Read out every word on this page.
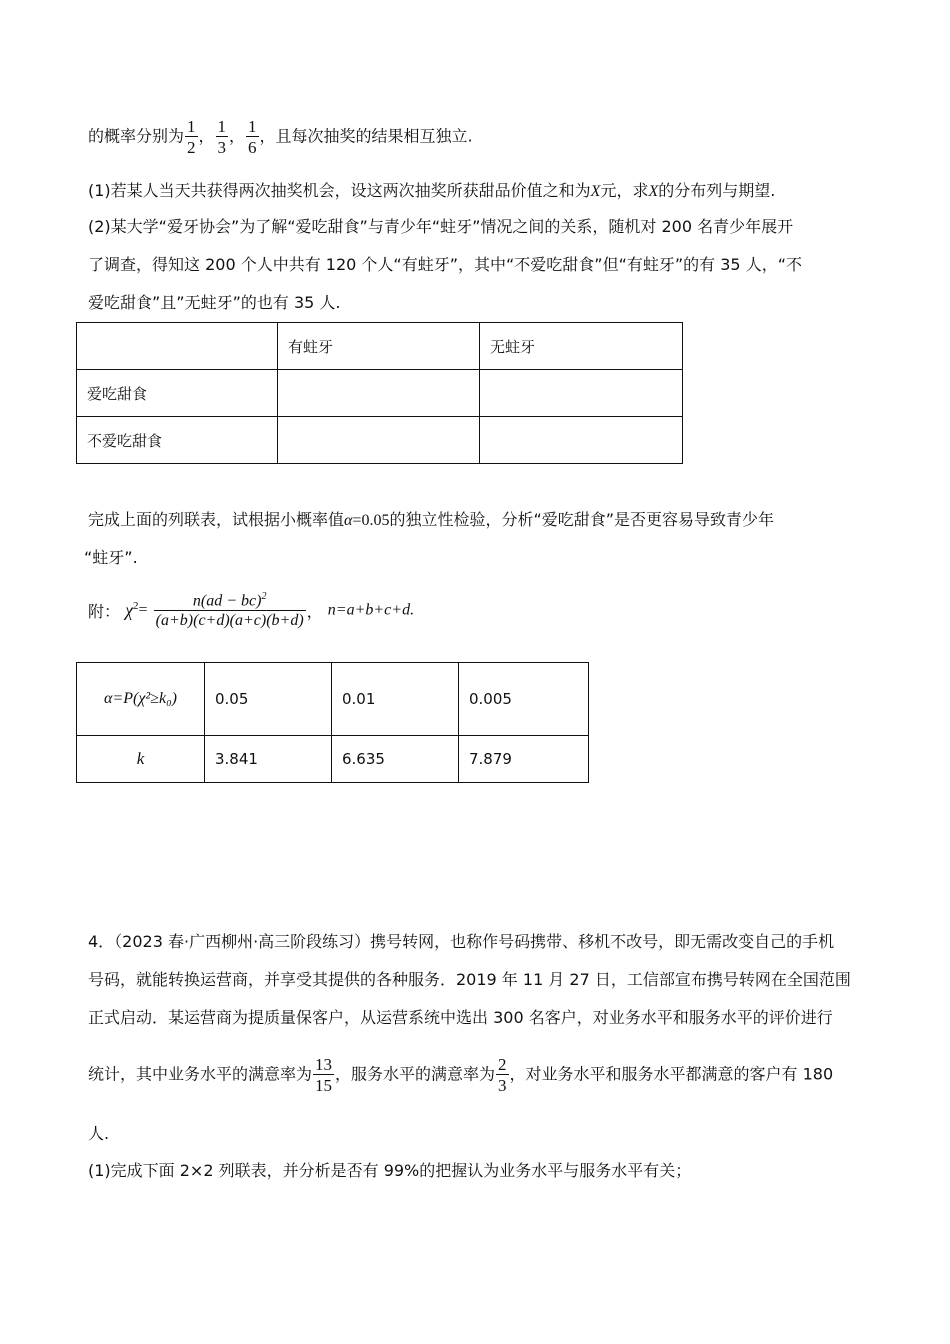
的概率分别为 $\frac{1}{2}$ ， $\frac{1}{3}$ ， $\frac{1}{6}$ ，且每次抽奖的结果相互独立.
(1)若某人当天共获得两次抽奖机会，设这两次抽奖所获甜品价值之和为X元，求X的分布列与期望.
(2)某大学“爱牙协会”为了解“爱吃甜食”与青少年“蛀牙”情况之间的关系，随机对 200 名青少年展开
了调查，得知这 200 个人中共有 120 个人“有蛀牙”，其中“不爱吃甜食”但“有蛀牙”的有 35 人，“不
爱吃甜食”且”无蛀牙”的也有 35 人.
	有蛀牙	无蛀牙
爱吃甜食		
不爱吃甜食		
完成上面的列联表，试根据小概率值α=0.05的独立性检验，分析“爱吃甜食”是否更容易导致青少年
“蛀牙”.
附： $\chi^2= \frac{n(ad - bc)^2}{(a+b)(c+d)(a+c)(b+d)}$ ， n=a+b+c+d.
α=P(χ²≥k₀)	0.05	0.01	0.005
k	3.841	6.635	7.879
4．（2023 春·广西柳州·高三阶段练习）携号转网，也称作号码携带、移机不改号，即无需改变自己的手机
号码，就能转换运营商，并享受其提供的各种服务．2019 年 11 月 27 日，工信部宣布携号转网在全国范围
正式启动．某运营商为提质量保客户，从运营系统中选出 300 名客户，对业务水平和服务水平的评价进行
统计，其中业务水平的满意率为 $\frac{13}{15}$ ，服务水平的满意率为 $\frac{2}{3}$ ，对业务水平和服务水平都满意的客户有 180
人.
(1)完成下面 2×2 列联表，并分析是否有 99%的把握认为业务水平与服务水平有关；
